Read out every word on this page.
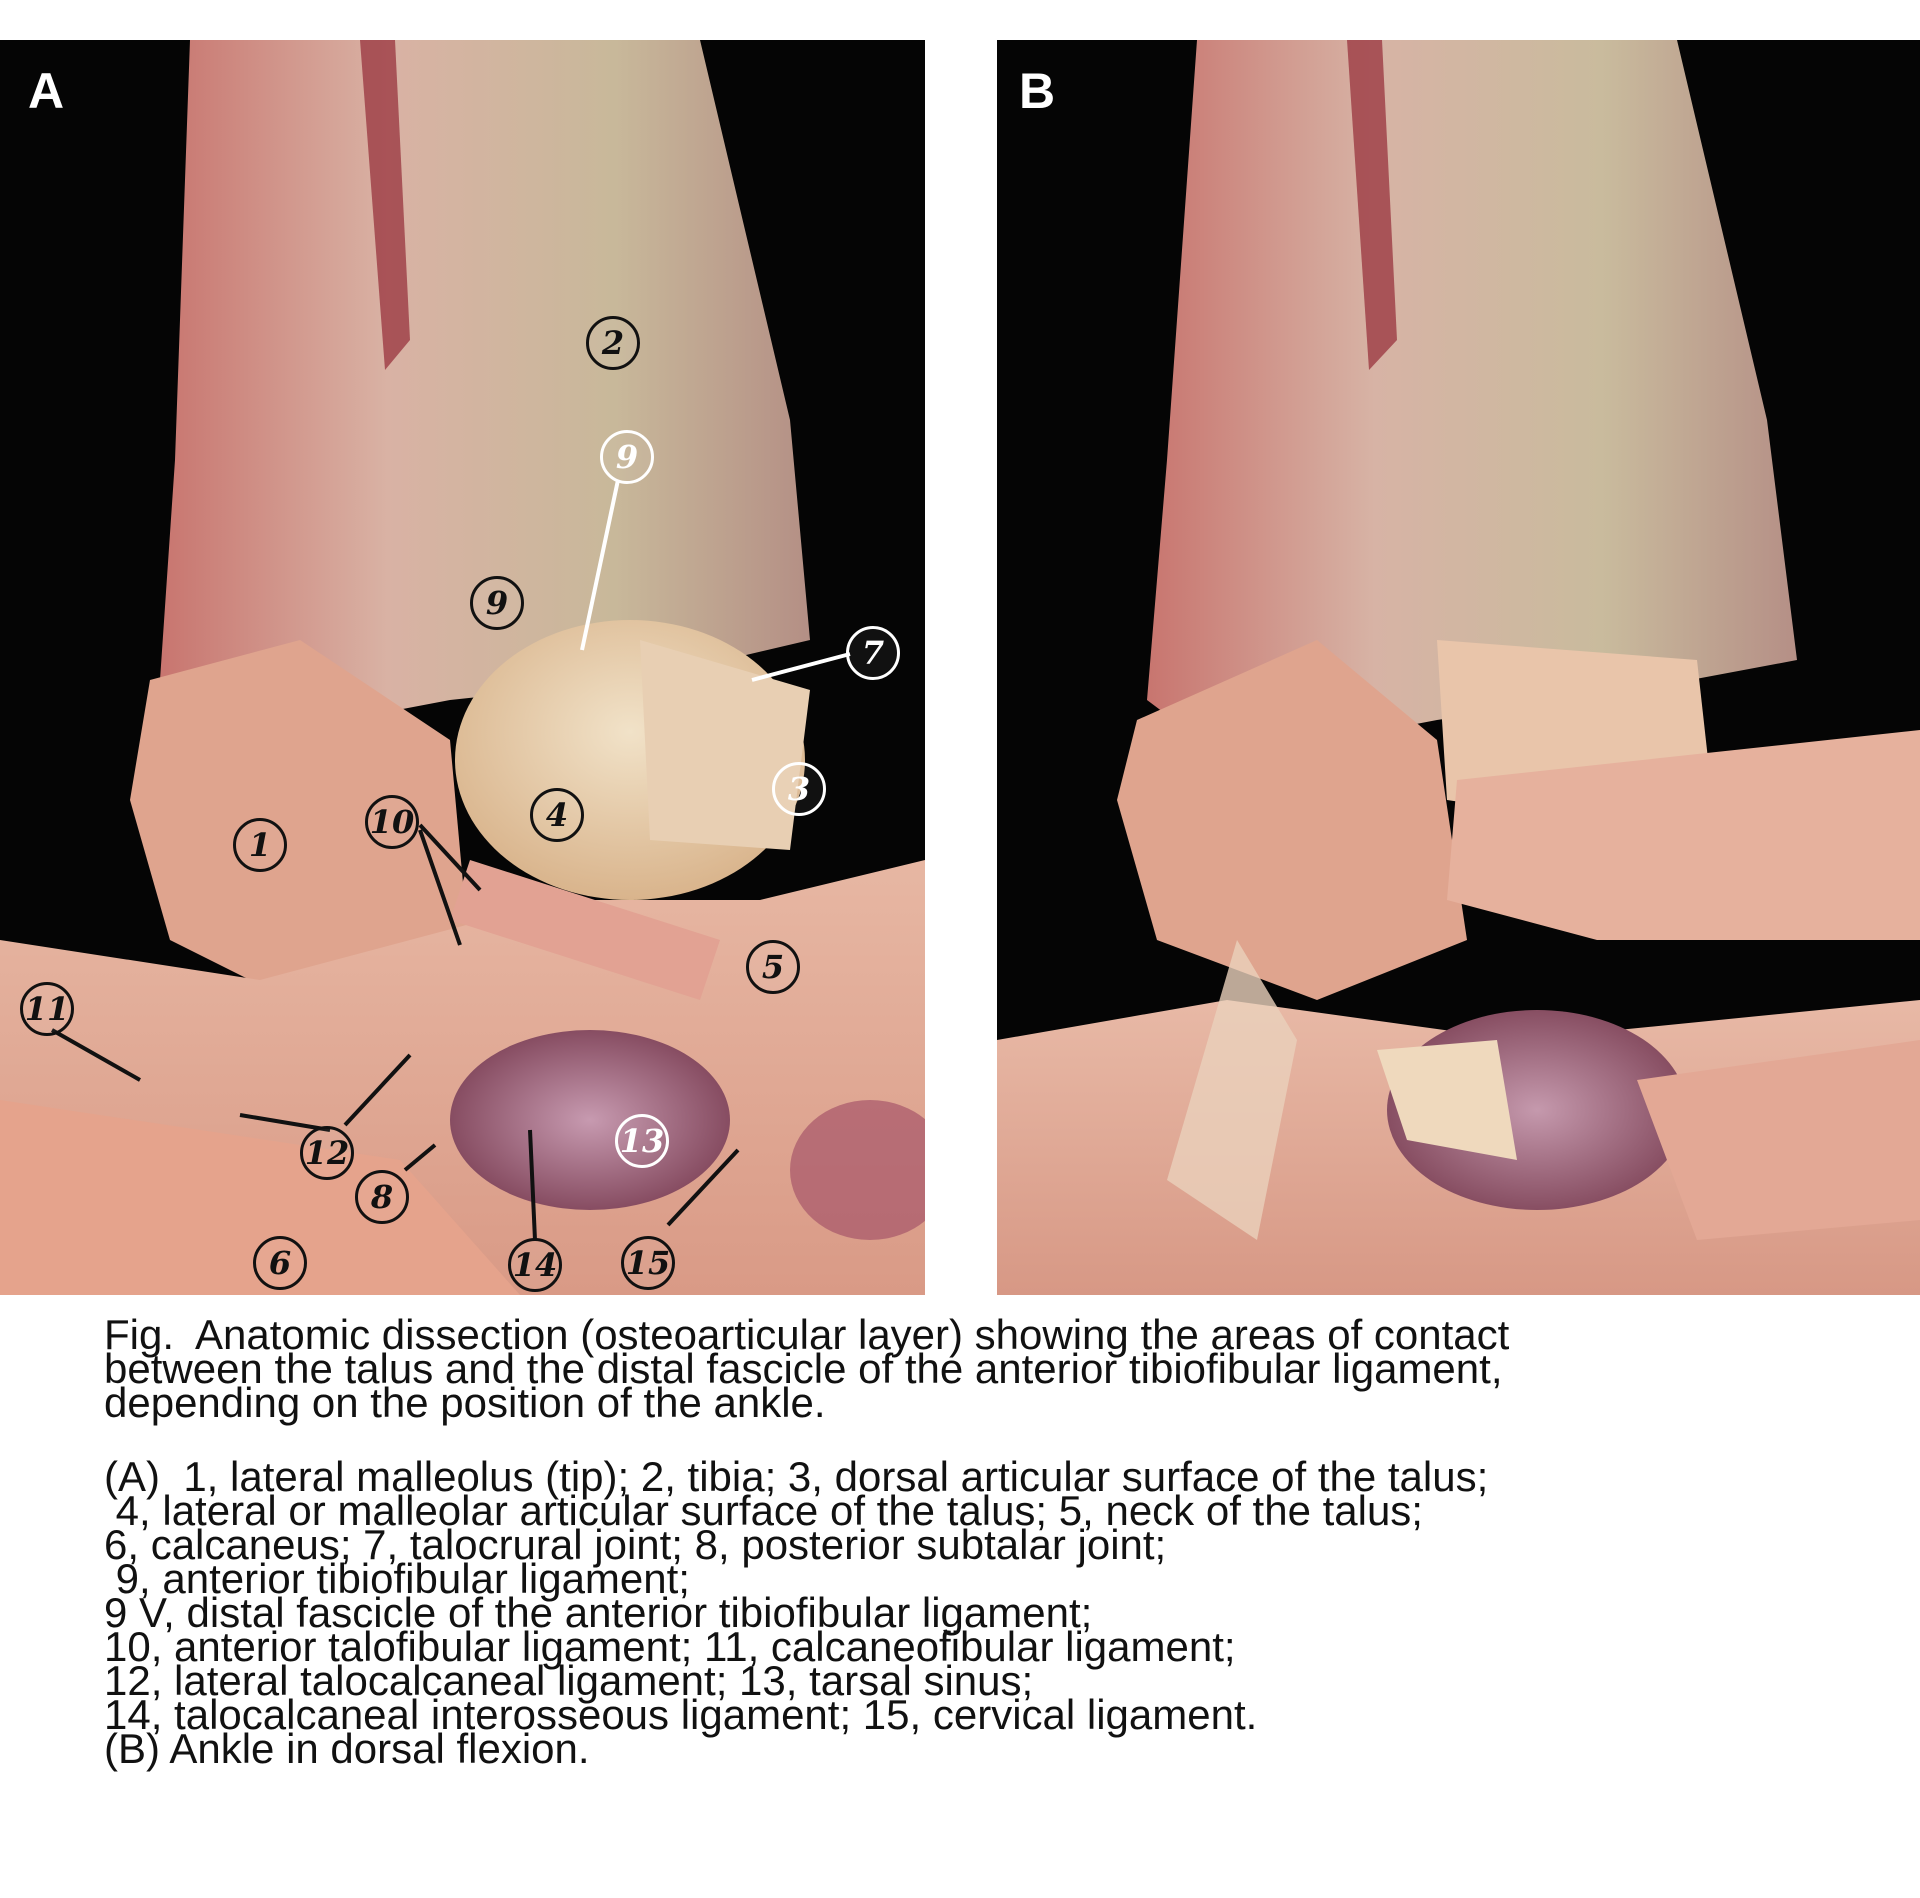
A
1
2
3
4
5
6
7
8
9
9
10
11
12	13
14 15
B
Fig.  Anatomic dissection (osteoarticular layer) showing the areas of contact
between the talus and the distal fascicle of the anterior tibiofibular ligament,
depending on the position of the ankle.
(A)  1, lateral malleolus (tip); 2, tibia; 3, dorsal articular surface of the talus;
4, lateral or malleolar articular surface of the talus; 5, neck of the talus;
6, calcaneus; 7, talocrural joint; 8, posterior subtalar joint;
9, anterior tibiofibular ligament;
9 V, distal fascicle of the anterior tibiofibular ligament;
10, anterior talofibular ligament; 11, calcaneofibular ligament;
12, lateral talocalcaneal ligament; 13, tarsal sinus;
14, talocalcaneal interosseous ligament; 15, cervical ligament.
(B) Ankle in dorsal flexion.
